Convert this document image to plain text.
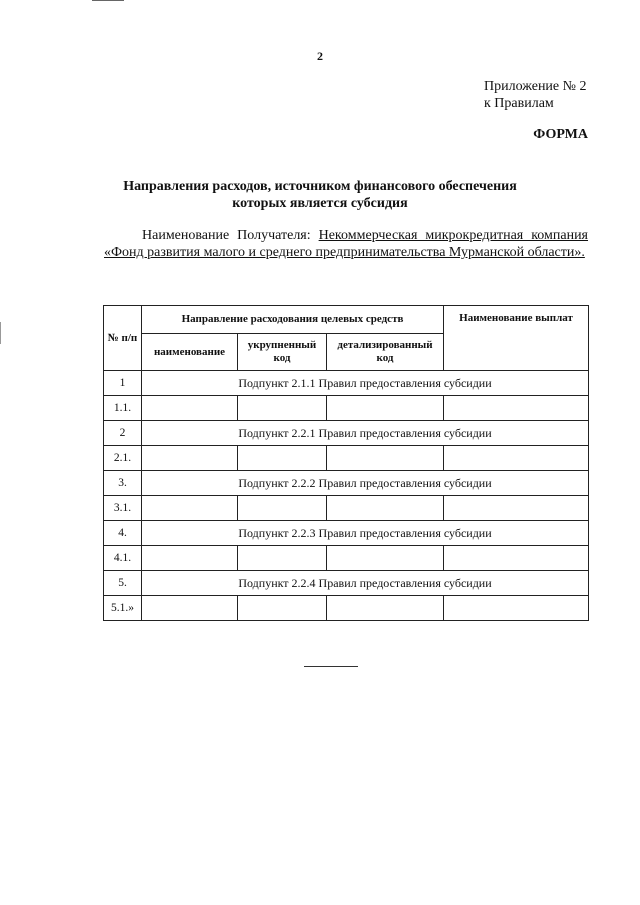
2
Приложение № 2
к Правилам
ФОРМА
Направления расходов, источником финансового обеспечения
которых является субсидия
Наименование Получателя: Некоммерческая микрокредитная компания «Фонд развития малого и среднего предпринимательства Мурманской области».
№ п/п	Направление расходования целевых средств			Наименование выплат
	наименование	укрупненный код	детализированный код	
1	Подпункт 2.1.1 Правил предоставления субсидии			
1.1.				
2	Подпункт 2.2.1 Правил предоставления субсидии			
2.1.				
3.	Подпункт 2.2.2 Правил предоставления субсидии			
3.1.				
4.	Подпункт 2.2.3 Правил предоставления субсидии			
4.1.				
5.	Подпункт 2.2.4 Правил предоставления субсидии			
5.1.»				
